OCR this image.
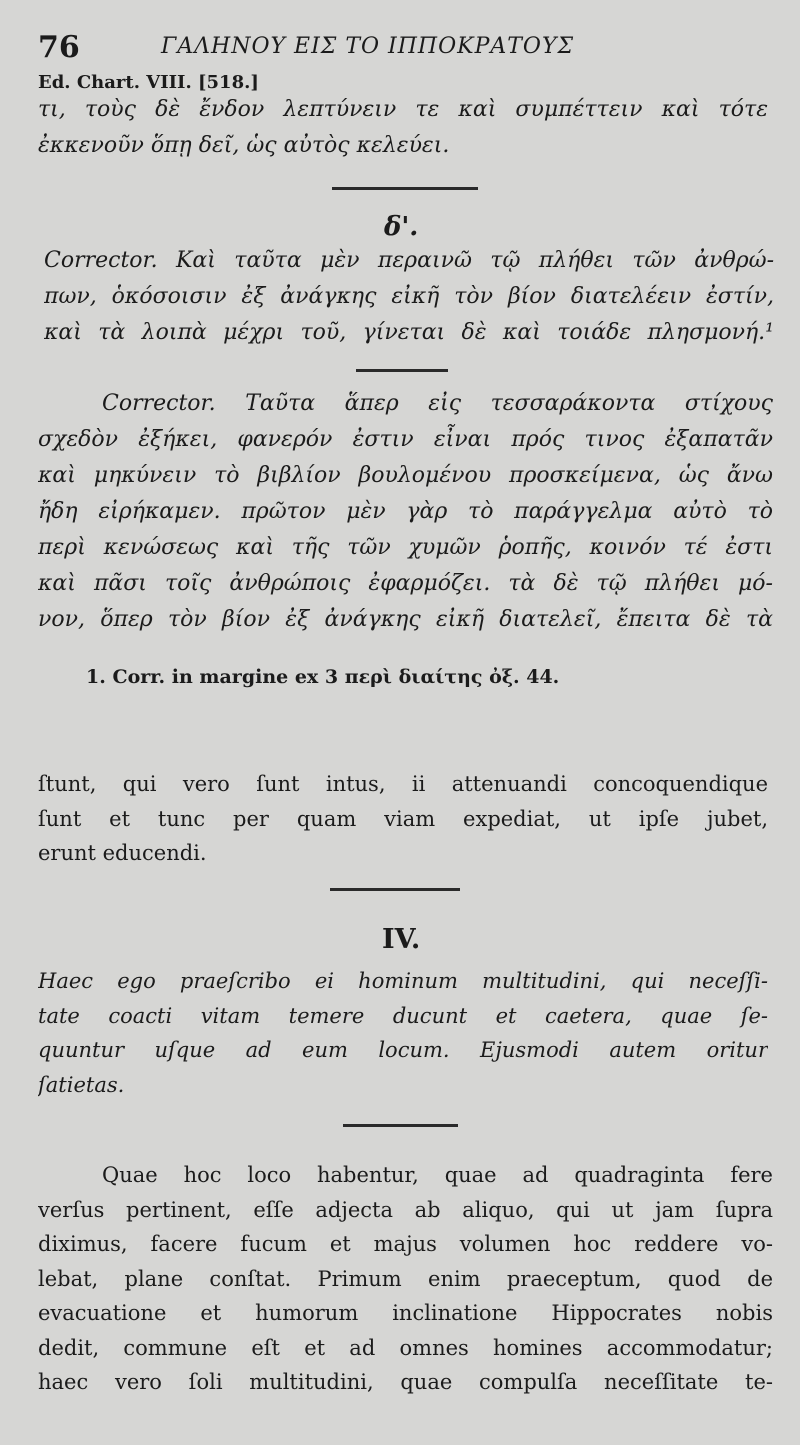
76	ΓΑΛΗΝΟΥ ΕΙΣ ΤΟ ΙΠΠΟΚΡΑΤΟΥΣ
Ed. Chart. VIII. [518.]
τι, τοὺς δὲ ἔνδον λεπτύνειν τε καὶ συμπέττειν καὶ τότε
ἐκκενοῦν ὅπῃ δεῖ, ὡς αὐτὸς κελεύει.
δ'.
Corrector. Καὶ ταῦτα μὲν περαινῶ τῷ πλήθει τῶν ἀνθρώ-
πων, ὁκόσοισιν ἐξ ἀνάγκης εἰκῆ τὸν βίον διατελέειν ἐστίν,
καὶ τὰ λοιπὰ μέχρι τοῦ, γίνεται δὲ καὶ τοιάδε πλησμονή.¹
Corrector. Ταῦτα ἅπερ εἰς τεσσαράκοντα στίχους
σχεδὸν ἐξήκει, φανερόν ἐστιν εἶναι πρός τινος ἐξαπατᾶν
καὶ μηκύνειν τὸ βιβλίον βουλομένου προσκείμενα, ὡς ἄνω
ἤδη εἰρήκαμεν. πρῶτον μὲν γὰρ τὸ παράγγελμα αὐτὸ τὸ
περὶ κενώσεως καὶ τῆς τῶν χυμῶν ῥοπῆς, κοινόν τέ ἐστι
καὶ πᾶσι τοῖς ἀνθρώποις ἐφαρμόζει. τὰ δὲ τῷ πλήθει μό-
νον, ὅπερ τὸν βίον ἐξ ἀνάγκης εἰκῆ διατελεῖ, ἔπειτα δὲ τὰ
1. Corr. in margine ex 3 περὶ διαίτης ὀξ. 44.
ſtunt, qui vero ſunt intus, ii attenuandi concoquendique
ſunt et tunc per quam viam expediat, ut ipſe jubet,
erunt educendi.
IV.
Haec ego praeſcribo ei hominum multitudini, qui neceſſi-
tate coacti vitam temere ducunt et caetera, quae ſe-
quuntur uſque ad eum locum. Ejusmodi autem oritur
ſatietas.
Quae hoc loco habentur, quae ad quadraginta fere
verſus pertinent, eſſe adjecta ab aliquo, qui ut jam ſupra
diximus, facere fucum et majus volumen hoc reddere vo-
lebat, plane conſtat. Primum enim praeceptum, quod de
evacuatione et humorum inclinatione Hippocrates nobis
dedit, commune eſt et ad omnes homines accommodatur;
haec vero ſoli multitudini, quae compulſa neceſſitate te-
